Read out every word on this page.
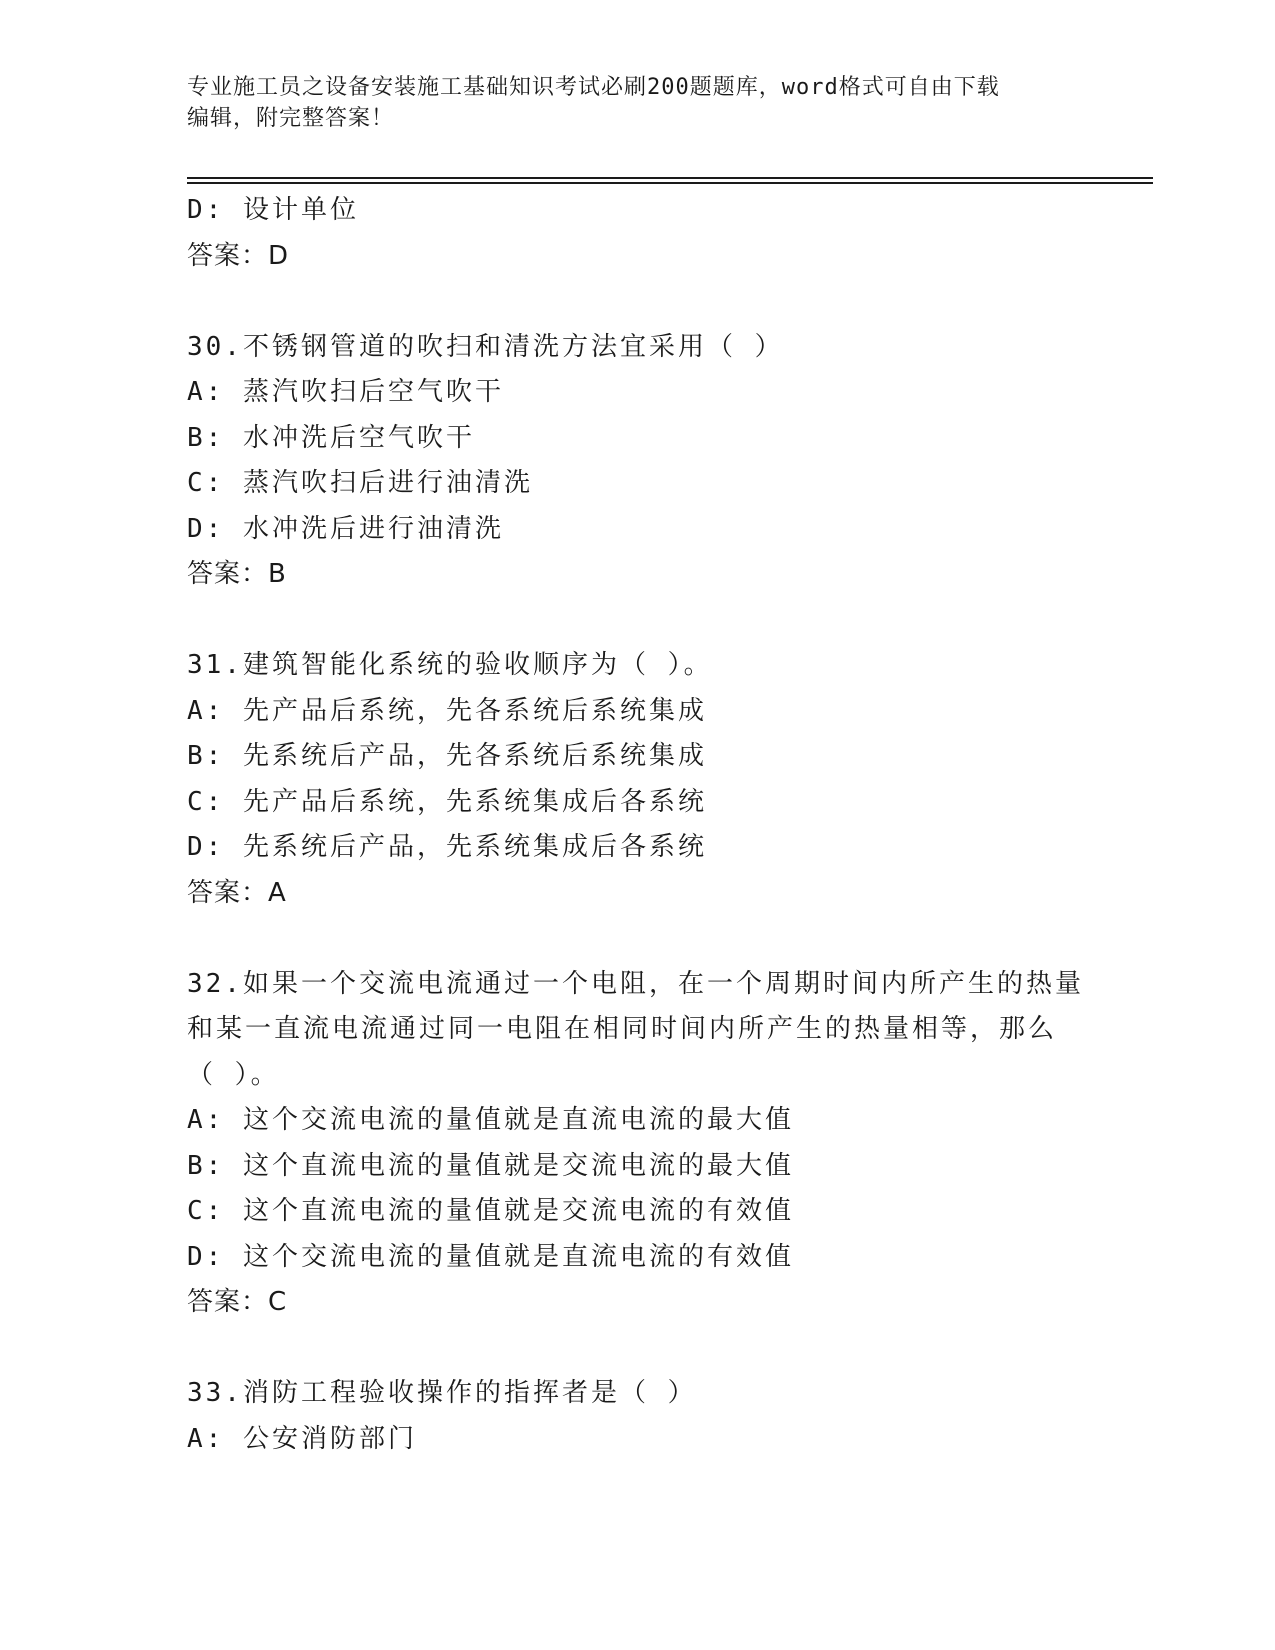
专业施工员之设备安装施工基础知识考试必刷200题题库，word格式可自由下载
编辑，附完整答案！
D: 设计单位
答案：D
30.不锈钢管道的吹扫和清洗方法宜采用（ ）
A: 蒸汽吹扫后空气吹干
B: 水冲洗后空气吹干
C: 蒸汽吹扫后进行油清洗
D: 水冲洗后进行油清洗
答案：B
31.建筑智能化系统的验收顺序为（ ）。
A: 先产品后系统，先各系统后系统集成
B: 先系统后产品，先各系统后系统集成
C: 先产品后系统，先系统集成后各系统
D: 先系统后产品，先系统集成后各系统
答案：A
32.如果一个交流电流通过一个电阻，在一个周期时间内所产生的热量
和某一直流电流通过同一电阻在相同时间内所产生的热量相等，那么
（ ）。
A: 这个交流电流的量值就是直流电流的最大值
B: 这个直流电流的量值就是交流电流的最大值
C: 这个直流电流的量值就是交流电流的有效值
D: 这个交流电流的量值就是直流电流的有效值
答案：C
33.消防工程验收操作的指挥者是（ ）
A: 公安消防部门
